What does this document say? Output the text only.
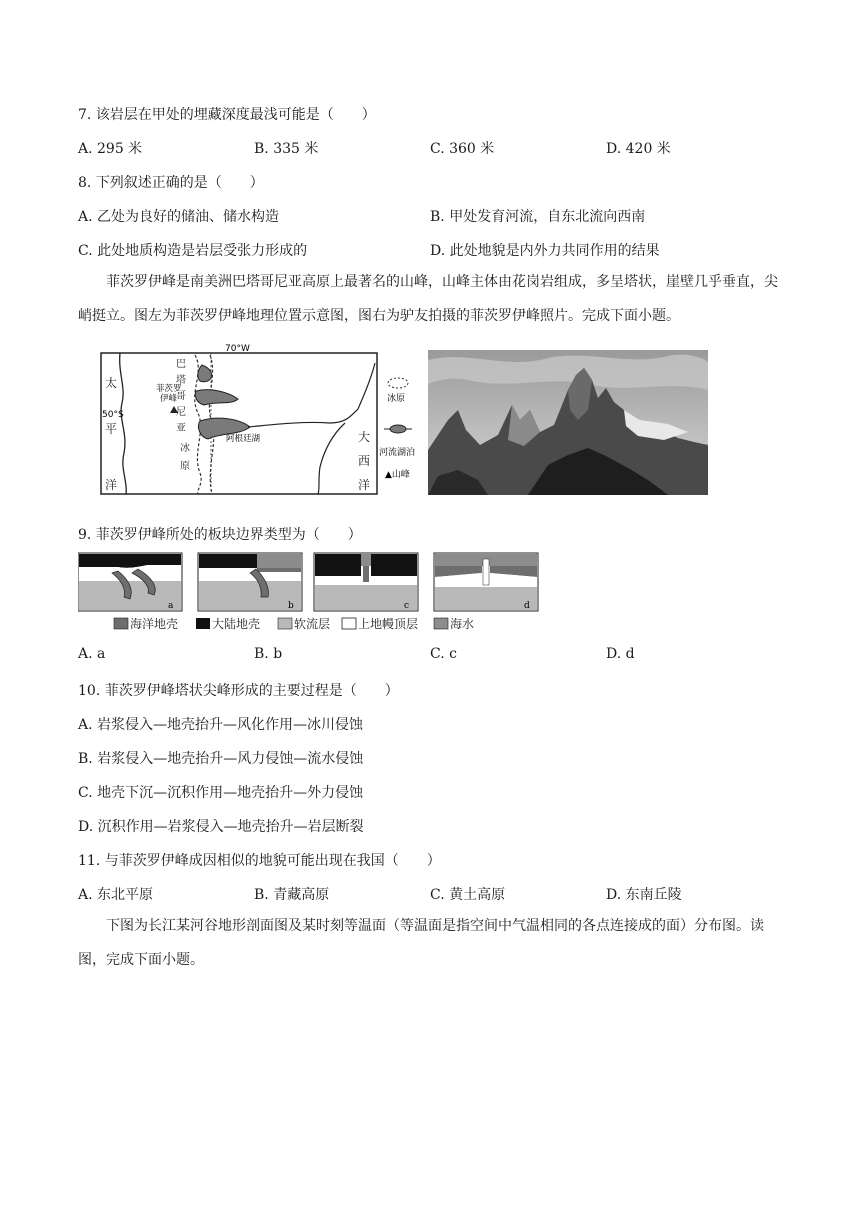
7. 该岩层在甲处的埋藏深度最浅可能是（　　）
A. 295 米	B. 335 米	C. 360 米	D. 420 米
8. 下列叙述正确的是（　　）
A. 乙处为良好的储油、储水构造	B. 甲处发育河流，自东北流向西南
C. 此处地质构造是岩层受张力形成的	D. 此处地貌是内外力共同作用的结果
菲茨罗伊峰是南美洲巴塔哥尼亚高原上最著名的山峰，山峰主体由花岗岩组成，多呈塔状，崖壁几乎垂直，尖峭挺立。图左为菲茨罗伊峰地理位置示意图，图右为驴友拍摄的菲茨罗伊峰照片。完成下面小题。
70°W
巴
塔
哥
尼
亚
冰
原
菲茨罗
伊峰
阿根廷湖
50°S
太
平
洋
大
西
洋
冰原
河流湖泊
▲山峰
9. 菲茨罗伊峰所处的板块边界类型为（　　）
a	b	c	d
海洋地壳	大陆地壳	软流层 上地幔顶层	海水
A. a	B. b	C. c	D. d
10. 菲茨罗伊峰塔状尖峰形成的主要过程是（　　）
A. 岩浆侵入—地壳抬升—风化作用—冰川侵蚀
B. 岩浆侵入—地壳抬升—风力侵蚀—流水侵蚀
C. 地壳下沉—沉积作用—地壳抬升—外力侵蚀
D. 沉积作用—岩浆侵入—地壳抬升—岩层断裂
11. 与菲茨罗伊峰成因相似的地貌可能出现在我国（　　）
A. 东北平原	B. 青藏高原	C. 黄土高原	D. 东南丘陵
下图为长江某河谷地形剖面图及某时刻等温面（等温面是指空间中气温相同的各点连接成的面）分布图。读图，完成下面小题。
